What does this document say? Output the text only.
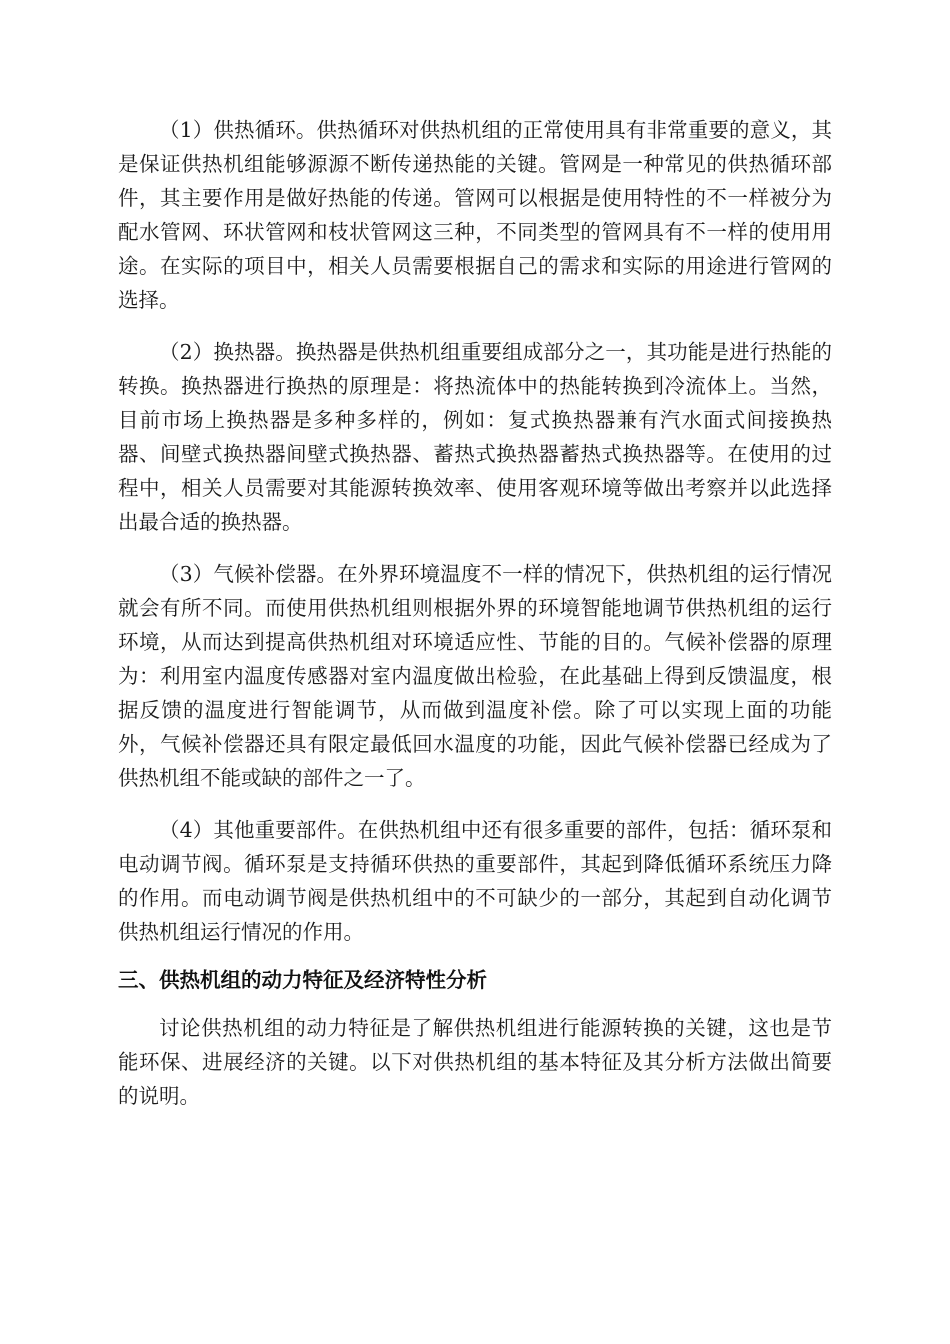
（1）供热循环。供热循环对供热机组的正常使用具有非常重要的意义，其是保证供热机组能够源源不断传递热能的关键。管网是一种常见的供热循环部件，其主要作用是做好热能的传递。管网可以根据是使用特性的不一样被分为配水管网、环状管网和枝状管网这三种，不同类型的管网具有不一样的使用用途。在实际的项目中，相关人员需要根据自己的需求和实际的用途进行管网的选择。

（2）换热器。换热器是供热机组重要组成部分之一，其功能是进行热能的转换。换热器进行换热的原理是：将热流体中的热能转换到冷流体上。当然，目前市场上换热器是多种多样的，例如：复式换热器兼有汽水面式间接换热器、间壁式换热器间壁式换热器、蓄热式换热器蓄热式换热器等。在使用的过程中，相关人员需要对其能源转换效率、使用客观环境等做出考察并以此选择出最合适的换热器。

（3）气候补偿器。在外界环境温度不一样的情况下，供热机组的运行情况就会有所不同。而使用供热机组则根据外界的环境智能地调节供热机组的运行环境，从而达到提高供热机组对环境适应性、节能的目的。气候补偿器的原理为：利用室内温度传感器对室内温度做出检验，在此基础上得到反馈温度，根据反馈的温度进行智能调节，从而做到温度补偿。除了可以实现上面的功能外，气候补偿器还具有限定最低回水温度的功能，因此气候补偿器已经成为了供热机组不能或缺的部件之一了。

（4）其他重要部件。在供热机组中还有很多重要的部件，包括：循环泵和电动调节阀。循环泵是支持循环供热的重要部件，其起到降低循环系统压力降的作用。而电动调节阀是供热机组中的不可缺少的一部分，其起到自动化调节供热机组运行情况的作用。

三、供热机组的动力特征及经济特性分析

讨论供热机组的动力特征是了解供热机组进行能源转换的关键，这也是节能环保、进展经济的关键。以下对供热机组的基本特征及其分析方法做出简要的说明。
